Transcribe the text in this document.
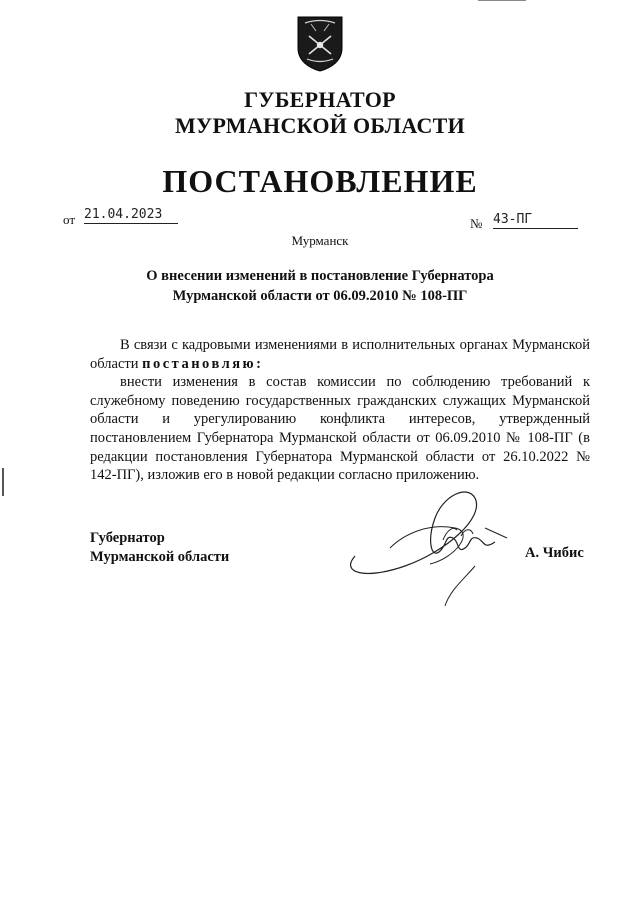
ГУБЕРНАТОР
МУРМАНСКОЙ ОБЛАСТИ
ПОСТАНОВЛЕНИЕ
от 21.04.2023
№ 43-ПГ
Мурманск
О внесении изменений в постановление Губернатора
Мурманской области от 06.09.2010 № 108-ПГ

В связи с кадровыми изменениями в исполнительных органах Мурманской области постановляю:

внести изменения в состав комиссии по соблюдению требований к служебному поведению государственных гражданских служащих Мурманской области и урегулированию конфликта интересов, утвержденный постановлением Губернатора Мурманской области от 06.09.2010 № 108-ПГ (в редакции постановления Губернатора Мурманской области от 26.10.2022 № 142-ПГ), изложив его в новой редакции согласно приложению.

Губернатор
Мурманской области	А. Чибис
